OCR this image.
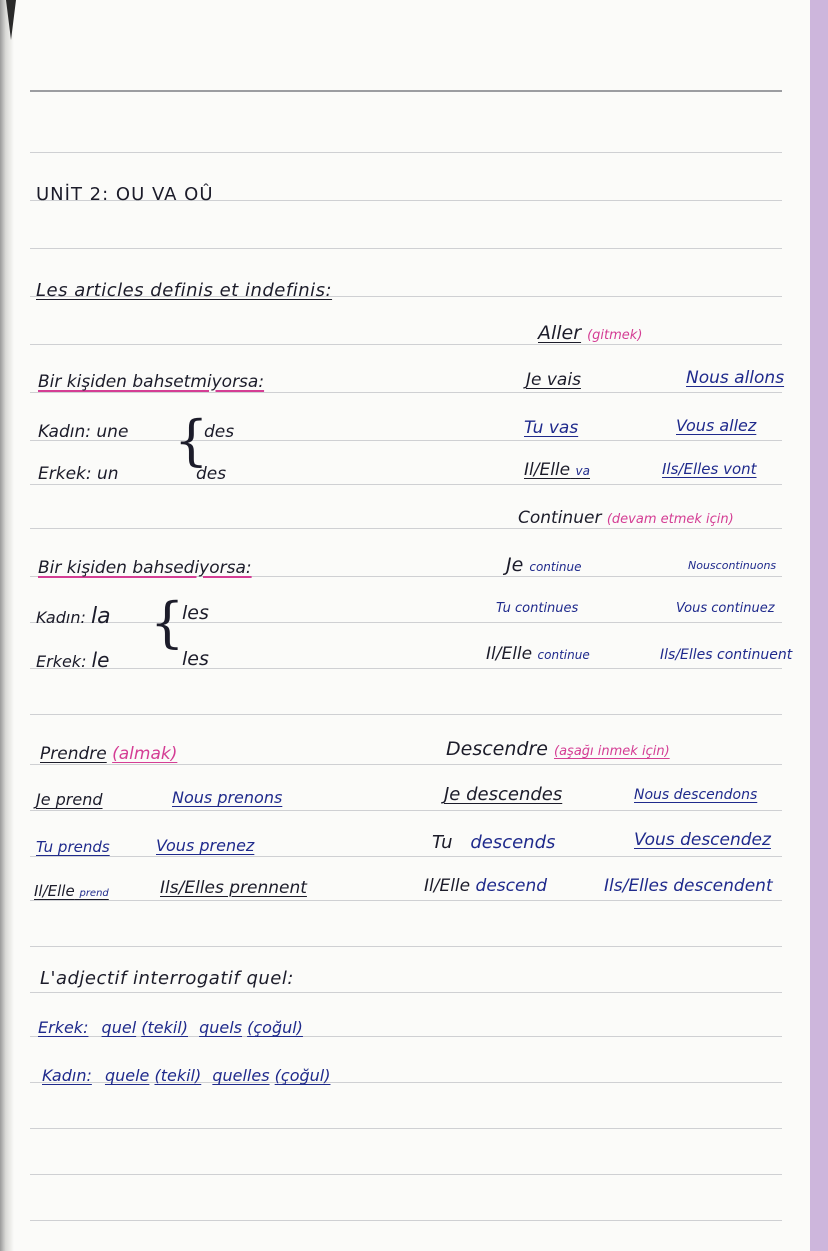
UNİT 2: OU VA OÛ
Les articles definis et indefinis:
Bir kişiden bahsetmiyorsa:
Kadın: une
Erkek: un
{
des
des
Bir kişiden bahsediyorsa:
Kadın: la
Erkek: le
{
les
les
Aller (gitmek)
Je vais	Nous allons
Tu vas	Vous allez
Il/Elle va	Ils/Elles vont
Continuer (devam etmek için)
Je continue	Nouscontinuons
Tu continues	Vous continuez
Il/Elle continue	Ils/Elles continuent
Prendre (almak)
Je prend	Nous prenons
Tu prends	Vous prenez
Il/Elle prend	Ils/Elles prennent
Descendre (aşağı inmek için)
Je descendes	Nous descendons
Tu descends	Vous descendez
Il/Elle descend	Ils/Elles descendent
L'adjectif interrogatif quel:
Erkek: quel (tekil) quels (çoğul)
Kadın: quele (tekil) quelles (çoğul)
